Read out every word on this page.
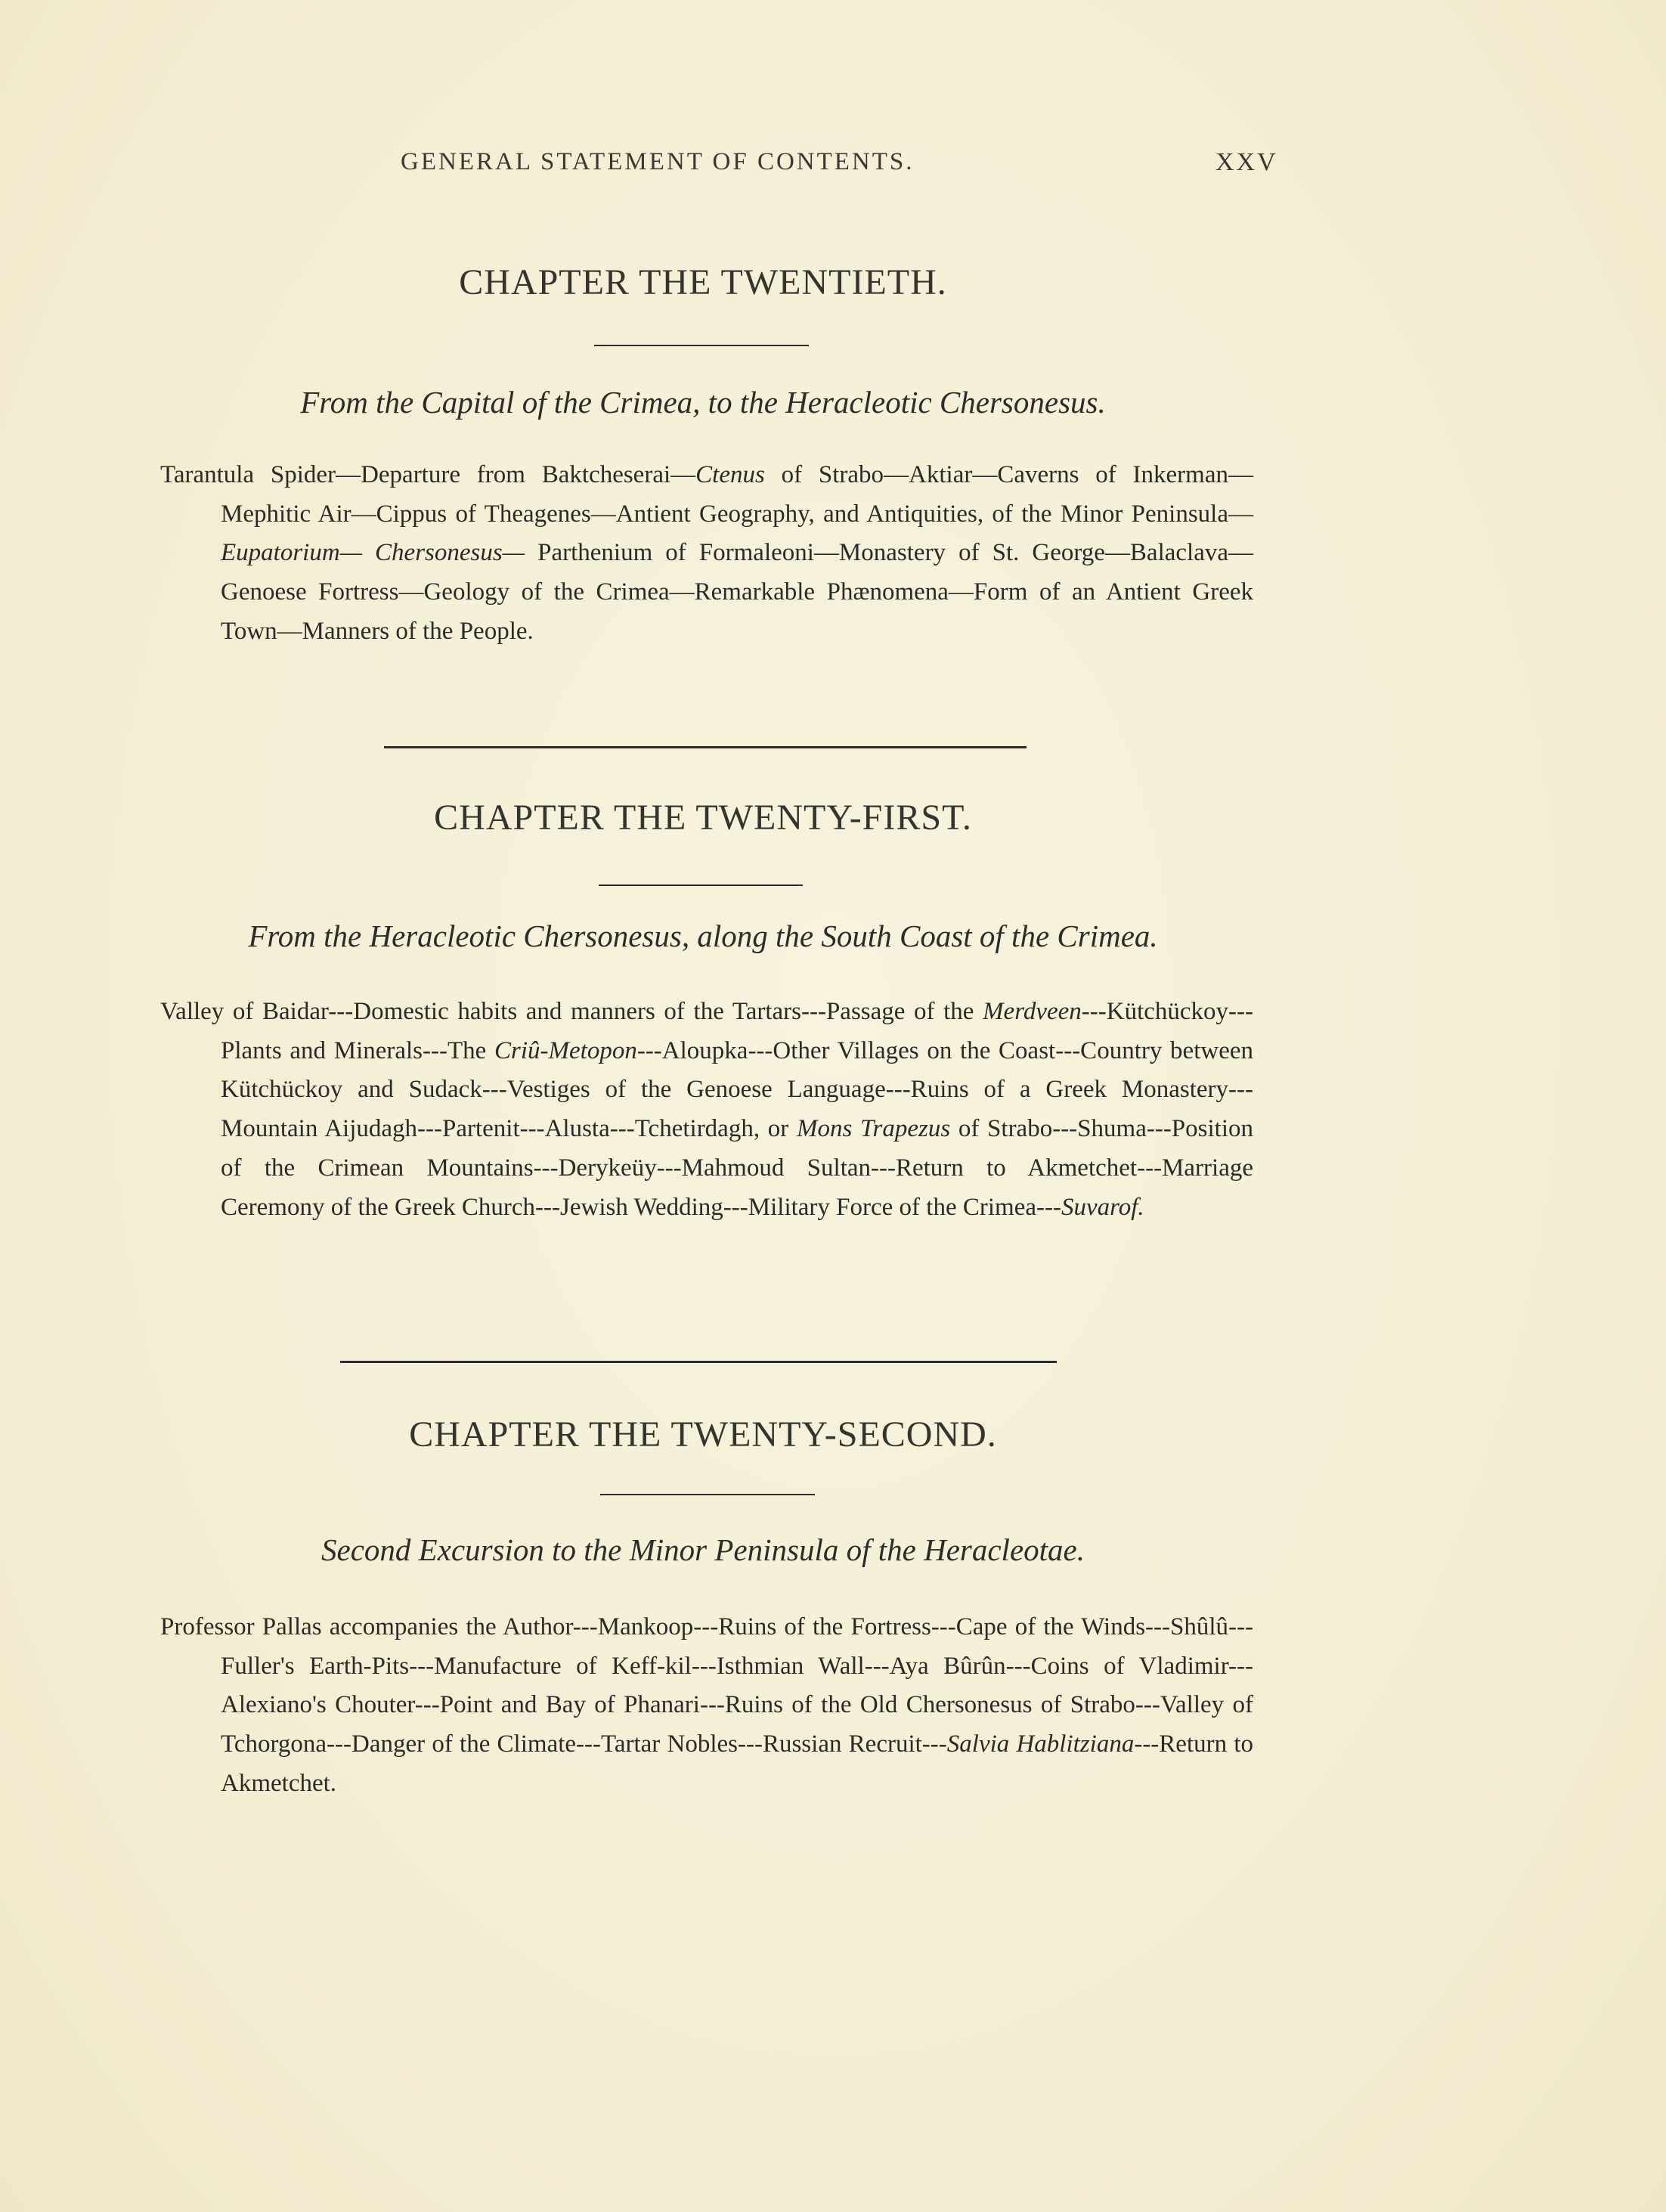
GENERAL STATEMENT OF CONTENTS.	XXV
CHAPTER THE TWENTIETH.
From the Capital of the Crimea, to the Heracleotic Chersonesus.
Tarantula Spider—Departure from Baktcheserai—Ctenus of Strabo—Aktiar—Caverns of Inkerman—Mephitic Air—Cippus of Theagenes—Antient Geography, and Antiquities, of the Minor Peninsula—Eupatorium— Chersonesus— Parthenium of Formaleoni—Monastery of St. George—Balaclava—Genoese Fortress—Geology of the Crimea—Remarkable Phænomena—Form of an Antient Greek Town—Manners of the People.
CHAPTER THE TWENTY-FIRST.
From the Heracleotic Chersonesus, along the South Coast of the Crimea.
Valley of Baidar---Domestic habits and manners of the Tartars---Passage of the Merdveen---Kütchückoy---Plants and Minerals---The Criû-Metopon---Aloupka---Other Villages on the Coast---Country between Kütchückoy and Sudack---Vestiges of the Genoese Language---Ruins of a Greek Monastery---Mountain Aijudagh---Partenit---Alusta---Tchetirdagh, or Mons Trapezus of Strabo---Shuma---Position of the Crimean Mountains---Derykeüy---Mahmoud Sultan---Return to Akmetchet---Marriage Ceremony of the Greek Church---Jewish Wedding---Military Force of the Crimea---Suvarof.
CHAPTER THE TWENTY-SECOND.
Second Excursion to the Minor Peninsula of the Heracleotae.
Professor Pallas accompanies the Author---Mankoop---Ruins of the Fortress---Cape of the Winds---Shûlû---Fuller's Earth-Pits---Manufacture of Keff-kil---Isthmian Wall---Aya Bûrûn---Coins of Vladimir---Alexiano's Chouter---Point and Bay of Phanari---Ruins of the Old Chersonesus of Strabo---Valley of Tchorgona---Danger of the Climate---Tartar Nobles---Russian Recruit---Salvia Hablitziana---Return to Akmetchet.
